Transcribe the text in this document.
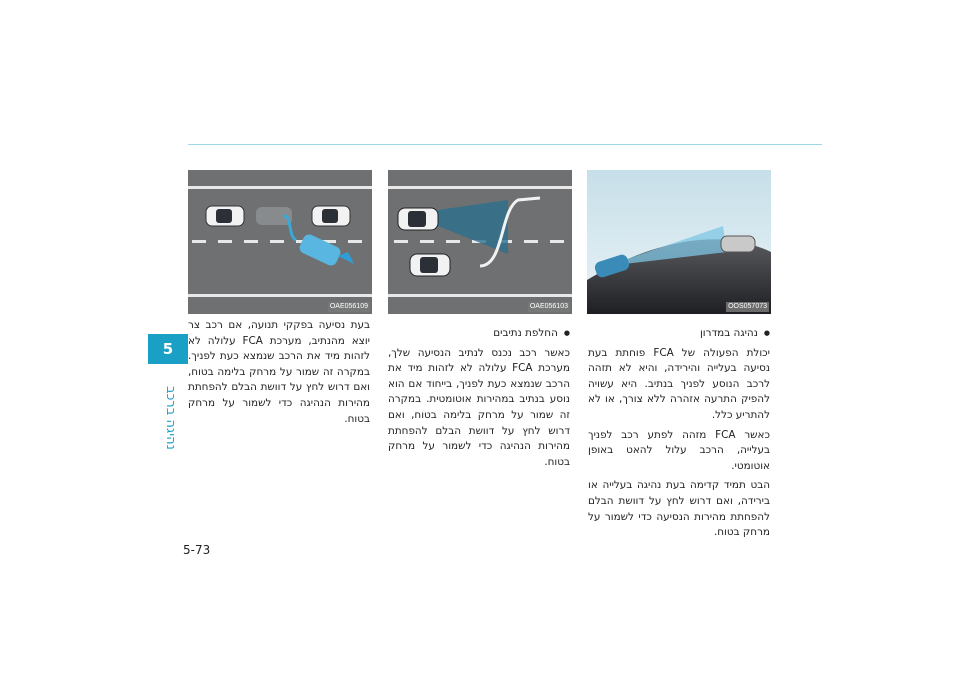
5
נהיגה ברכב
5-73
OAE056109	OAE056103	OOS057073

● נהיגה במדרון

יכולת הפעולה של FCA פוחתת בעת נסיעה בעלייה והירידה, והיא לא תזהה לרכב הנוסע לפניך בנתיב. היא עשויה להפיק התרעה אזהרה ללא צורך, או לא להתריע כלל.

כאשר FCA מזהה לפתע רכב לפניך בעלייה, הרכב עלול להאט באופן אוטומטי.

הבט תמיד קדימה בעת נהיגה בעלייה או בירידה, ואם דרוש לחץ על דוושת הבלם להפחתת מהירות הנסיעה כדי לשמור על מרחק בטוח.

● החלפת נתיבים

כאשר רכב נכנס לנתיב הנסיעה שלך, מערכת FCA עלולה לא לזהות מיד את הרכב שנמצא כעת לפניך, בייחוד אם הוא נוסע בנתיב במהירות אוטומטית. במקרה זה שמור על מרחק בלימה בטוח, ואם דרוש לחץ על דוושת הבלם להפחתת מהירות הנהיגה כדי לשמור על מרחק בטוח.

בעת נסיעה בפקקי תנועה, אם רכב צר יוצא מהנתיב, מערכת FCA עלולה לא לזהות מיד את הרכב שנמצא כעת לפניך. במקרה זה שמור על מרחק בלימה בטוח, ואם דרוש לחץ על דוושת הבלם להפחתת מהירות הנהיגה כדי לשמור על מרחק בטוח.
